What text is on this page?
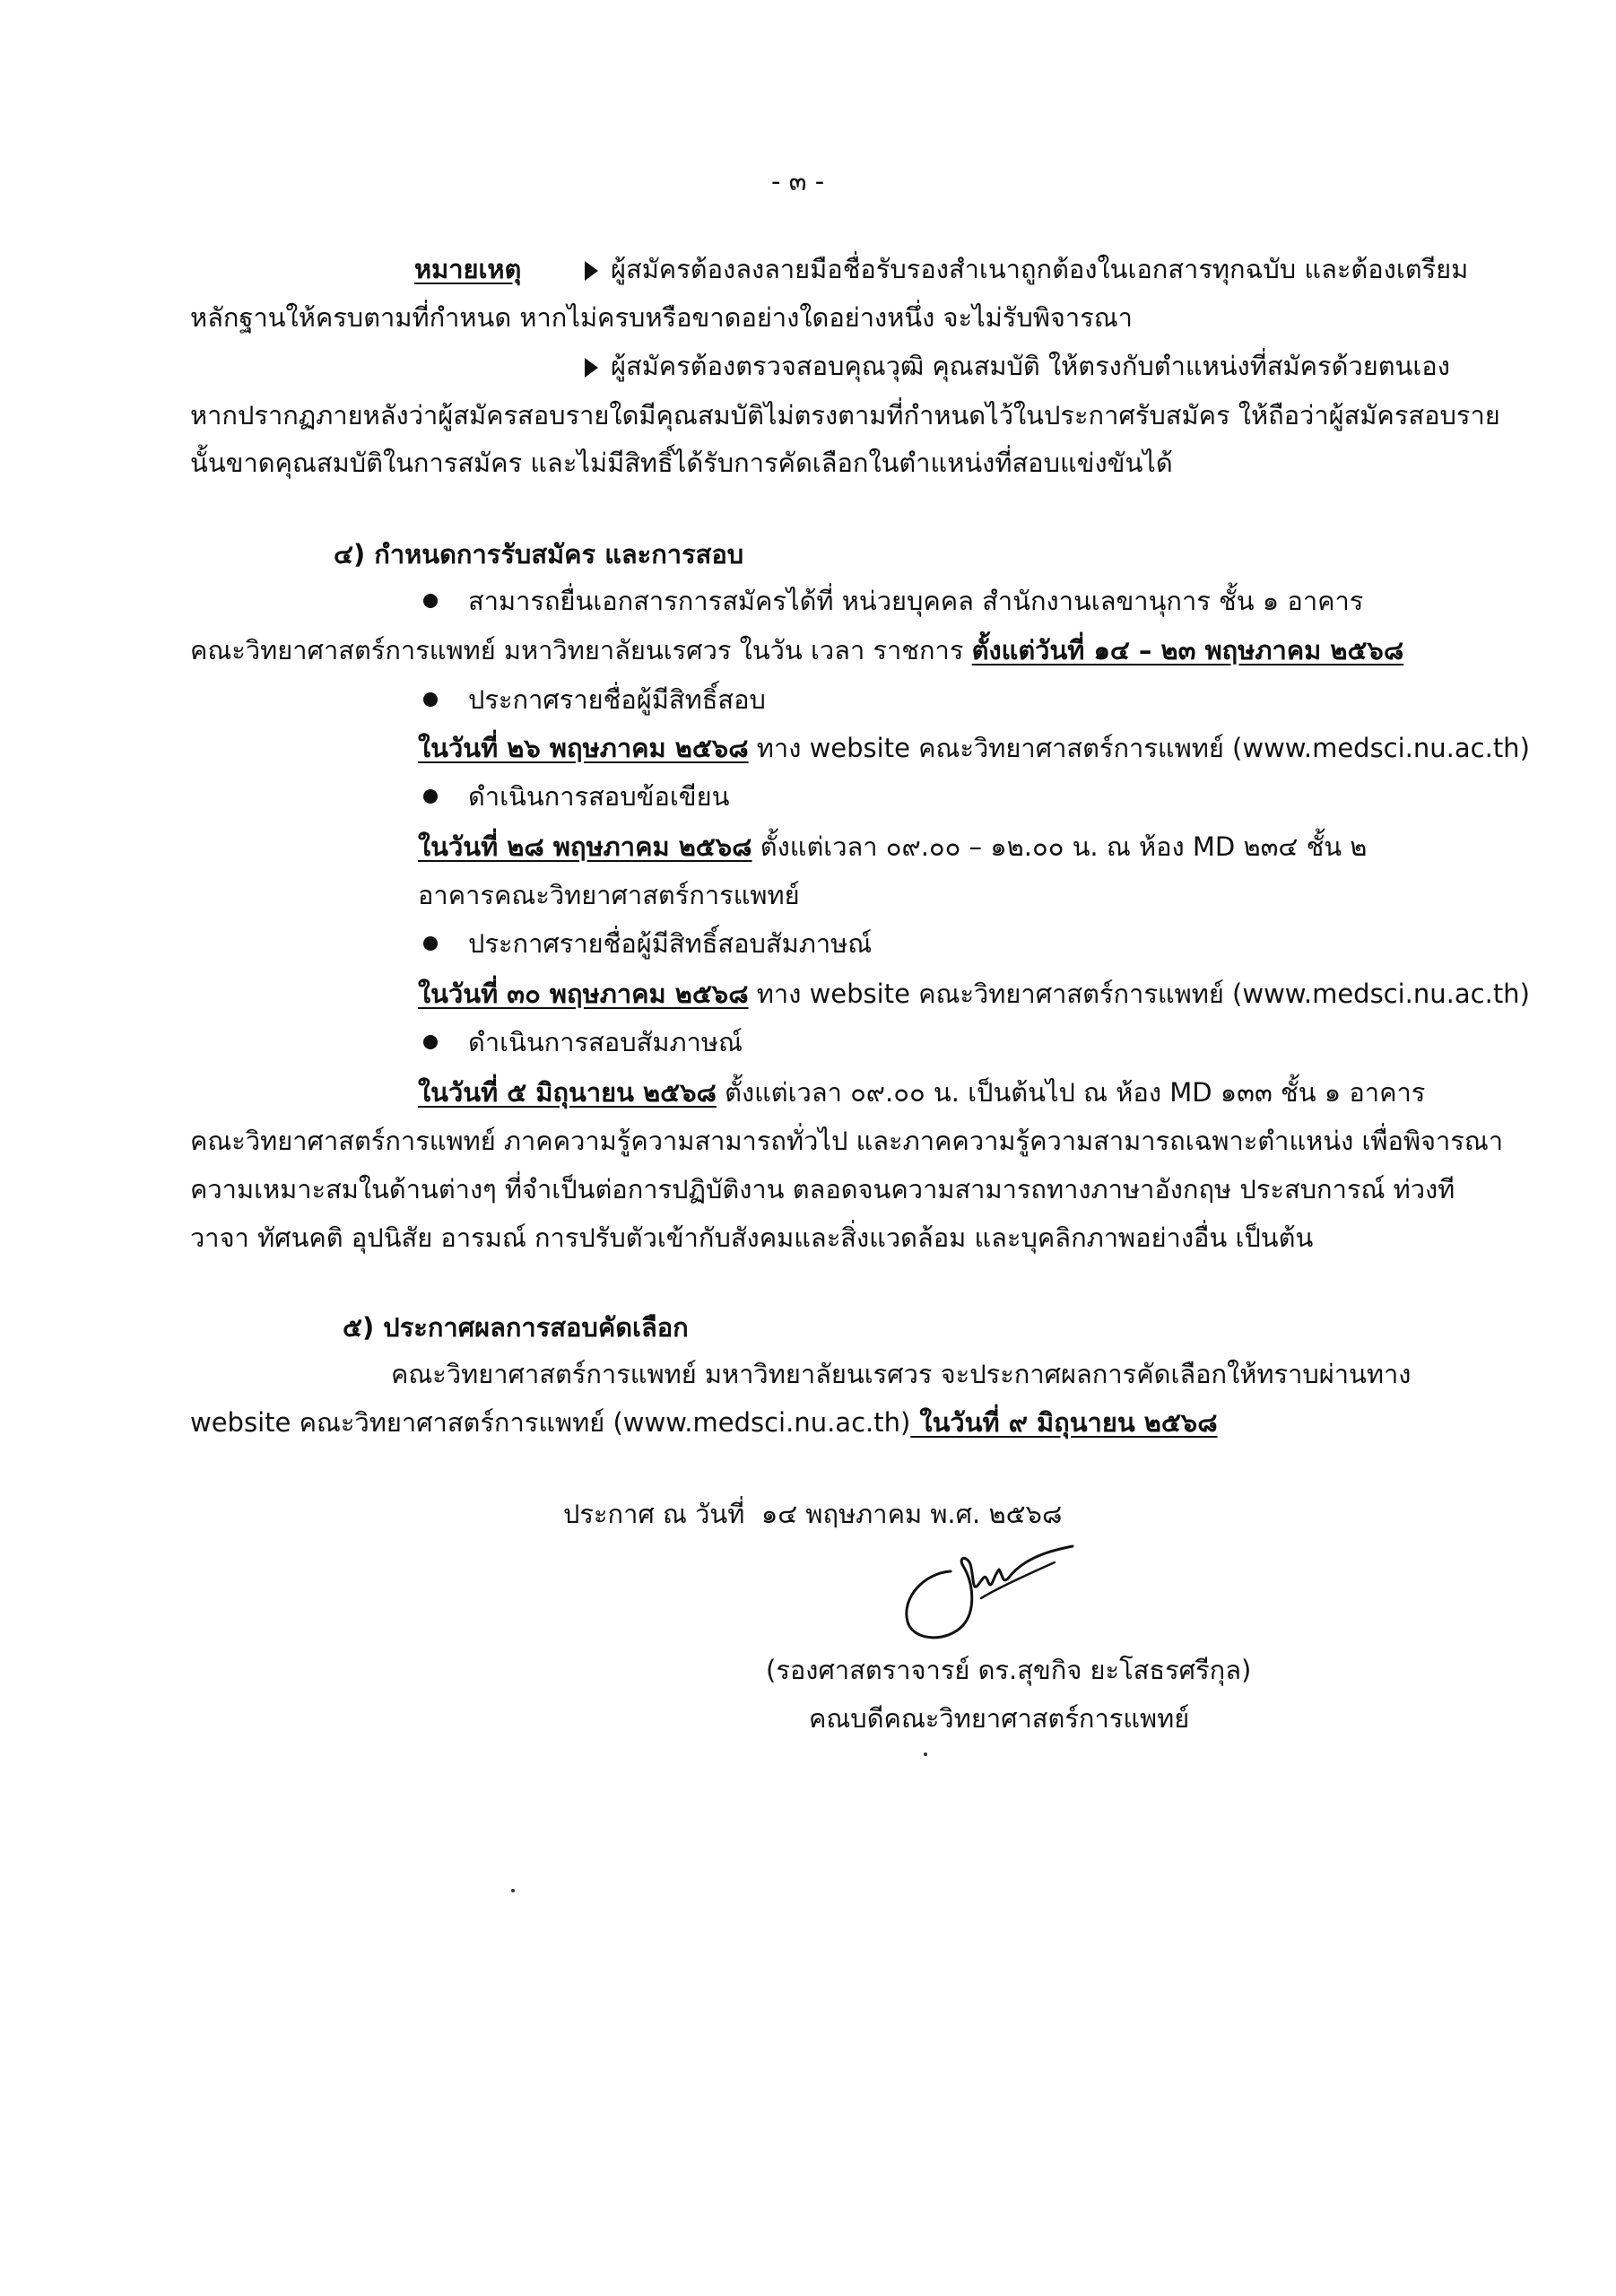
- ๓ -
หมายเหตุ	ผู้สมัครต้องลงลายมือชื่อรับรองสำเนาถูกต้องในเอกสารทุกฉบับ และต้องเตรียม
หลักฐานให้ครบตามที่กำหนด หากไม่ครบหรือขาดอย่างใดอย่างหนึ่ง จะไม่รับพิจารณา
ผู้สมัครต้องตรวจสอบคุณวุฒิ คุณสมบัติ ให้ตรงกับตำแหน่งที่สมัครด้วยตนเอง
หากปรากฏภายหลังว่าผู้สมัครสอบรายใดมีคุณสมบัติไม่ตรงตามที่กำหนดไว้ในประกาศรับสมัคร ให้ถือว่าผู้สมัครสอบราย
นั้นขาดคุณสมบัติในการสมัคร และไม่มีสิทธิ์ได้รับการคัดเลือกในตำแหน่งที่สอบแข่งขันได้
๔) กำหนดการรับสมัคร และการสอบ
สามารถยื่นเอกสารการสมัครได้ที่ หน่วยบุคคล สำนักงานเลขานุการ ชั้น ๑ อาคาร
คณะวิทยาศาสตร์การแพทย์ มหาวิทยาลัยนเรศวร ในวัน เวลา ราชการ ตั้งแต่วันที่ ๑๔ – ๒๓ พฤษภาคม ๒๕๖๘
ประกาศรายชื่อผู้มีสิทธิ์สอบ
ในวันที่ ๒๖ พฤษภาคม ๒๕๖๘ ทาง website คณะวิทยาศาสตร์การแพทย์ (www.medsci.nu.ac.th)
ดำเนินการสอบข้อเขียน
ในวันที่ ๒๘ พฤษภาคม ๒๕๖๘ ตั้งแต่เวลา ๐๙.๐๐ – ๑๒.๐๐ น. ณ ห้อง MD ๒๓๔ ชั้น ๒
อาคารคณะวิทยาศาสตร์การแพทย์
ประกาศรายชื่อผู้มีสิทธิ์สอบสัมภาษณ์
ในวันที่ ๓๐ พฤษภาคม ๒๕๖๘ ทาง website คณะวิทยาศาสตร์การแพทย์ (www.medsci.nu.ac.th)
ดำเนินการสอบสัมภาษณ์
ในวันที่ ๕ มิถุนายน ๒๕๖๘ ตั้งแต่เวลา ๐๙.๐๐ น. เป็นต้นไป ณ ห้อง MD ๑๓๓ ชั้น ๑ อาคาร
คณะวิทยาศาสตร์การแพทย์ ภาคความรู้ความสามารถทั่วไป และภาคความรู้ความสามารถเฉพาะตำแหน่ง เพื่อพิจารณา
ความเหมาะสมในด้านต่างๆ ที่จำเป็นต่อการปฏิบัติงาน ตลอดจนความสามารถทางภาษาอังกฤษ ประสบการณ์ ท่วงที
วาจา ทัศนคติ อุปนิสัย อารมณ์ การปรับตัวเข้ากับสังคมและสิ่งแวดล้อม และบุคลิกภาพอย่างอื่น เป็นต้น
๕) ประกาศผลการสอบคัดเลือก
คณะวิทยาศาสตร์การแพทย์ มหาวิทยาลัยนเรศวร จะประกาศผลการคัดเลือกให้ทราบผ่านทาง
website คณะวิทยาศาสตร์การแพทย์ (www.medsci.nu.ac.th) ในวันที่ ๙ มิถุนายน ๒๕๖๘
ประกาศ ณ วันที่  ๑๔ พฤษภาคม พ.ศ. ๒๕๖๘
(รองศาสตราจารย์ ดร.สุขกิจ ยะโสธรศรีกุล)
คณบดีคณะวิทยาศาสตร์การแพทย์
